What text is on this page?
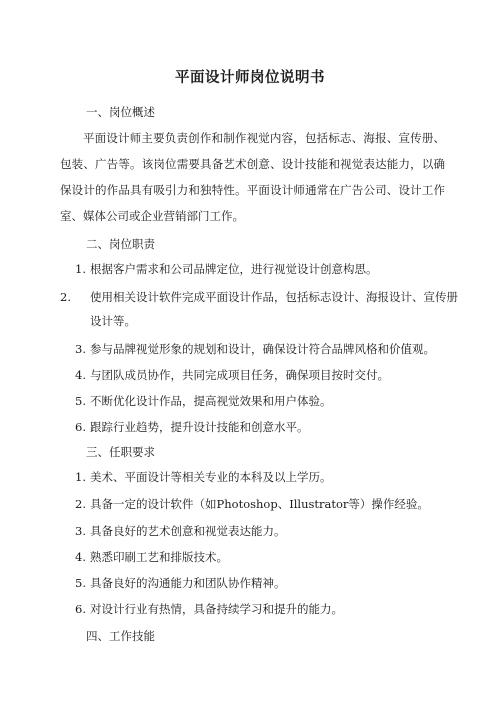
平面设计师岗位说明书
一、岗位概述
平面设计师主要负责创作和制作视觉内容，包括标志、海报、宣传册、包装、广告等。该岗位需要具备艺术创意、设计技能和视觉表达能力，以确保设计的作品具有吸引力和独特性。平面设计师通常在广告公司、设计工作室、媒体公司或企业营销部门工作。
二、岗位职责
1. 根据客户需求和公司品牌定位，进行视觉设计创意构思。
2. 使用相关设计软件完成平面设计作品，包括标志设计、海报设计、宣传册设计等。
3. 参与品牌视觉形象的规划和设计，确保设计符合品牌风格和价值观。
4. 与团队成员协作，共同完成项目任务，确保项目按时交付。
5. 不断优化设计作品，提高视觉效果和用户体验。
6. 跟踪行业趋势，提升设计技能和创意水平。
三、任职要求
1. 美术、平面设计等相关专业的本科及以上学历。
2. 具备一定的设计软件（如Photoshop、Illustrator等）操作经验。
3. 具备良好的艺术创意和视觉表达能力。
4. 熟悉印刷工艺和排版技术。
5. 具备良好的沟通能力和团队协作精神。
6. 对设计行业有热情，具备持续学习和提升的能力。
四、工作技能
